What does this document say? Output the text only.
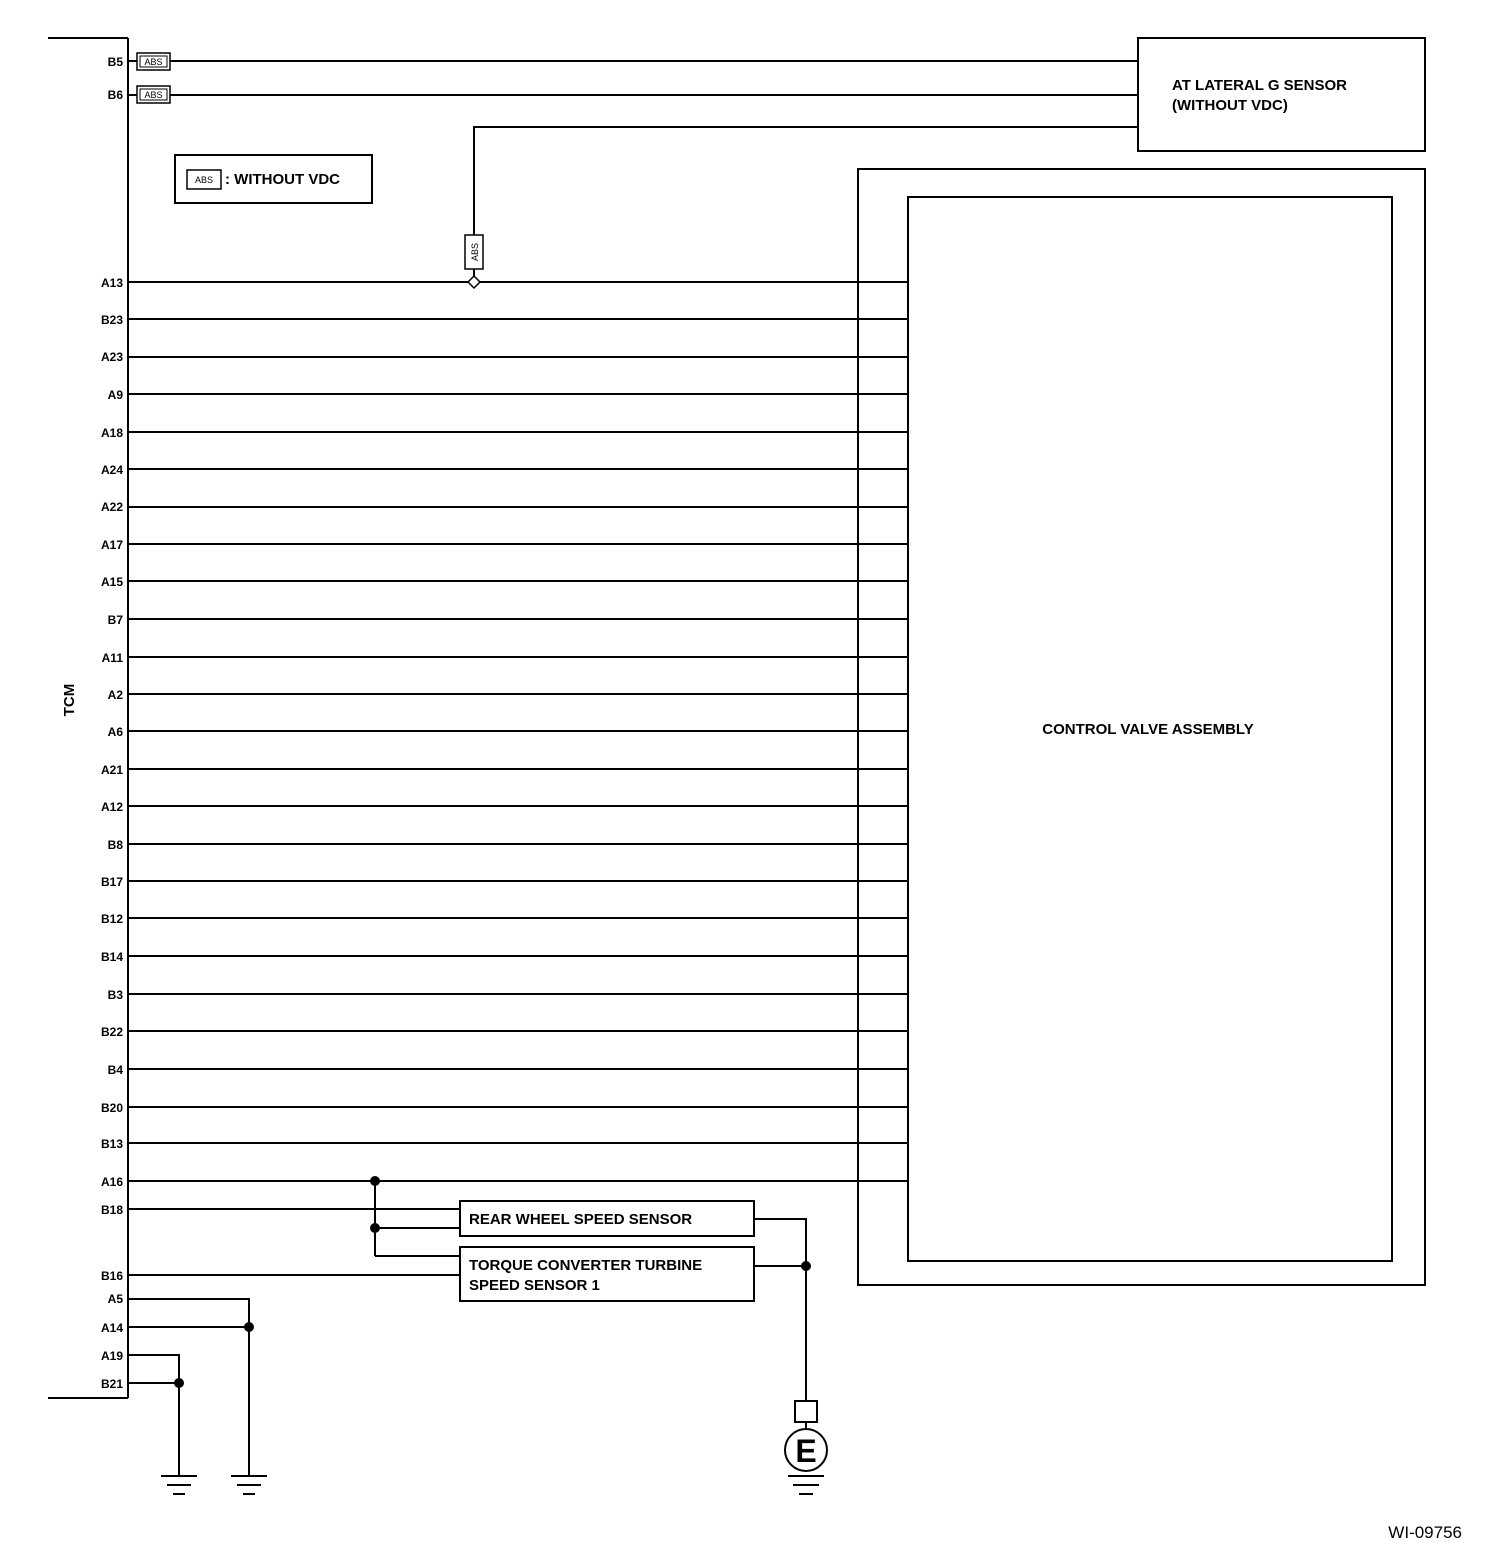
TCM
B5
B6
A13
B23
A23
A9
A18
A24
A22
A17
A15
B7
A11
A2
A6
A21
A12
B8
B17
B12
B14
B3
B22
B4
B20
B13
A16
B18
B16
A5
A14
A19
B21
CONTROL VALVE ASSEMBLY
AT LATERAL G SENSOR
(WITHOUT VDC)
ABS
ABS
ABS
ABS : WITHOUT VDC
REAR WHEEL SPEED SENSOR
TORQUE CONVERTER TURBINE
SPEED SENSOR 1
E
WI-09756
